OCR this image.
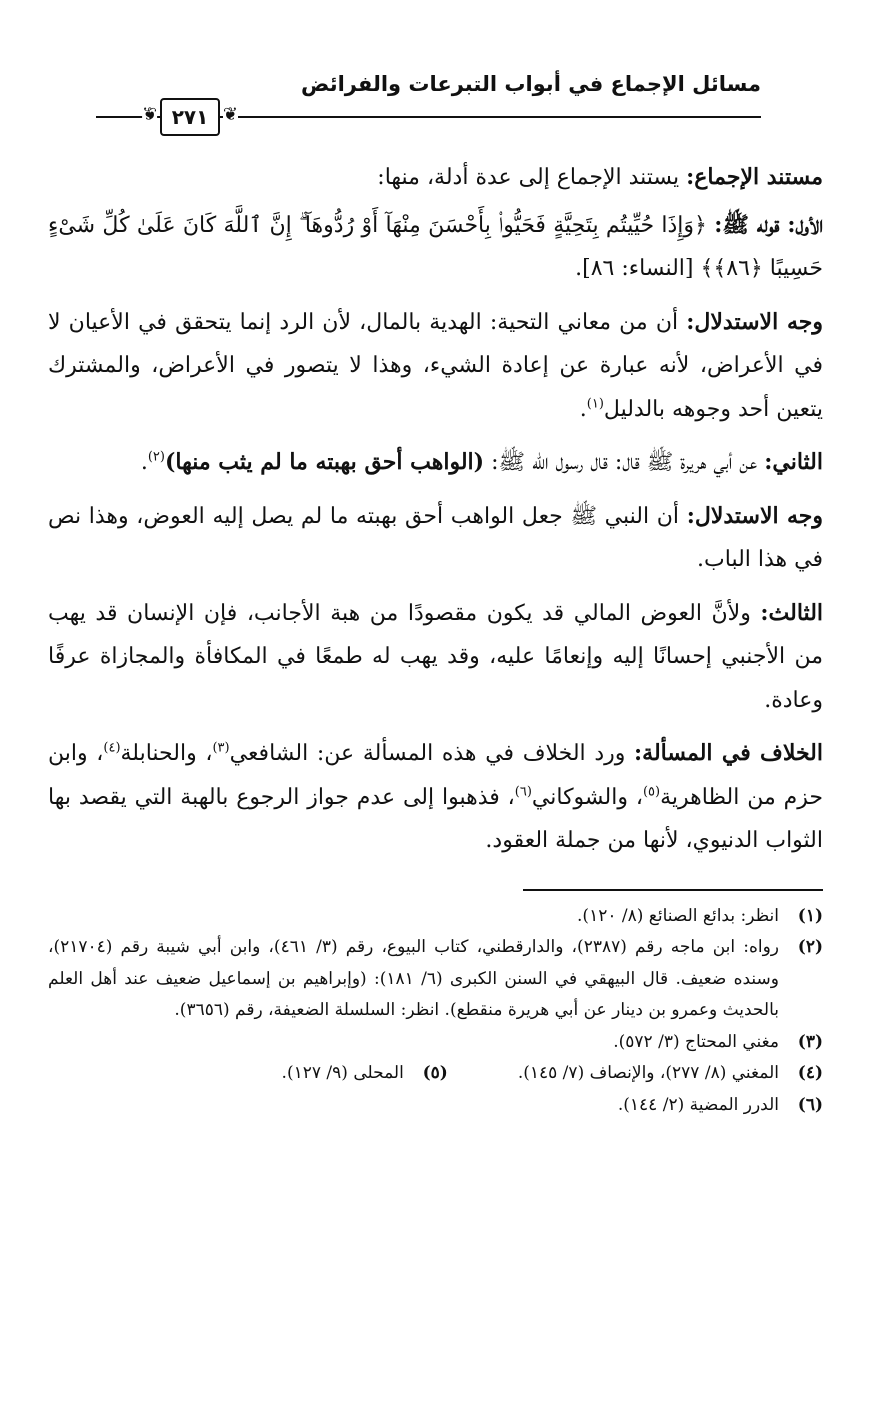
مسائل الإجماع في أبواب التبرعات والفرائض
❦ ٢٧١ ❦

مستند الإجماع: يستند الإجماع إلى عدة أدلة، منها:

الأول: قوله ﷺ: ﴿وَإِذَا حُيِّيتُم بِتَحِيَّةٍ فَحَيُّوا۟ بِأَحْسَنَ مِنْهَآ أَوْ رُدُّوهَآ ۗ إِنَّ ٱللَّهَ كَانَ عَلَىٰ كُلِّ شَىْءٍ حَسِيبًا ﴿٨٦﴾﴾ [النساء: ٨٦].

وجه الاستدلال: أن من معاني التحية: الهدية بالمال، لأن الرد إنما يتحقق في الأعيان لا في الأعراض، لأنه عبارة عن إعادة الشيء، وهذا لا يتصور في الأعراض، والمشترك يتعين أحد وجوهه بالدليل$^{(١)}$.

الثاني: عن أبي هريرة ﷺ قال: قال رسول الله ﷺ: (الواهب أحق بهبته ما لم يثب منها)$^{(٢)}$.

وجه الاستدلال: أن النبي ﷺ جعل الواهب أحق بهبته ما لم يصل إليه العوض، وهذا نص في هذا الباب.

الثالث: ولأنَّ العوض المالي قد يكون مقصودًا من هبة الأجانب، فإن الإنسان قد يهب من الأجنبي إحسانًا إليه وإنعامًا عليه، وقد يهب له طمعًا في المكافأة والمجازاة عرفًا وعادة.

الخلاف في المسألة: ورد الخلاف في هذه المسألة عن: الشافعي$^{(٣)}$، والحنابلة$^{(٤)}$، وابن حزم من الظاهرية$^{(٥)}$، والشوكاني$^{(٦)}$، فذهبوا إلى عدم جواز الرجوع بالهبة التي يقصد بها الثواب الدنيوي، لأنها من جملة العقود.

(١)
انظر: بدائع الصنائع (٨/ ١٢٠).
(٢)
رواه: ابن ماجه رقم (٢٣٨٧)، والدارقطني، كتاب البيوع، رقم (٣/ ٤٦١)، وابن أبي شيبة رقم (٢١٧٠٤)، وسنده ضعيف. قال البيهقي في السنن الكبرى (٦/ ١٨١): (وإبراهيم بن إسماعيل ضعيف عند أهل العلم بالحديث وعمرو بن دينار عن أبي هريرة منقطع). انظر: السلسلة الضعيفة، رقم (٣٦٥٦).
(٣)
مغني المحتاج (٣/ ٥٧٢).
(٤)
المغني (٨/ ٢٧٧)، والإنصاف (٧/ ١٤٥).
(٥)
المحلى (٩/ ١٢٧).
(٦)
الدرر المضية (٢/ ١٤٤).
